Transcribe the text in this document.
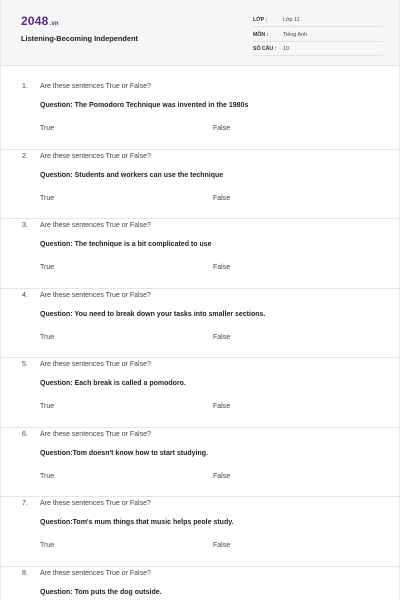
2048.vn
Listening-Becoming Independent
LỚP :	Lớp 11
MÔN :	Tiếng Anh
SỐ CÂU :	10
1. Are these sentences True or False?
Question: The Pomodoro Technique was invented in the 1980s
True	False
2. Are these sentences True or False?
Question: Students and workers can use the technique
True	False
3. Are these sentences True or False?
Question: The technique is a bit complicated to use
True	False
4. Are these sentences True or False?
Question: You need to break down your tasks into smaller sections.
True	False
5. Are these sentences True or False?
Question: Each break is called a pomodoro.
True	False
6. Are these sentences True or False?
Question:Tom doesn't know how to start studying.
True	False
7. Are these sentences True or False?
Question:Tom's mum things that music helps peole study.
True	False
8. Are these sentences True or False?
Question: Tom puts the dog outside.
